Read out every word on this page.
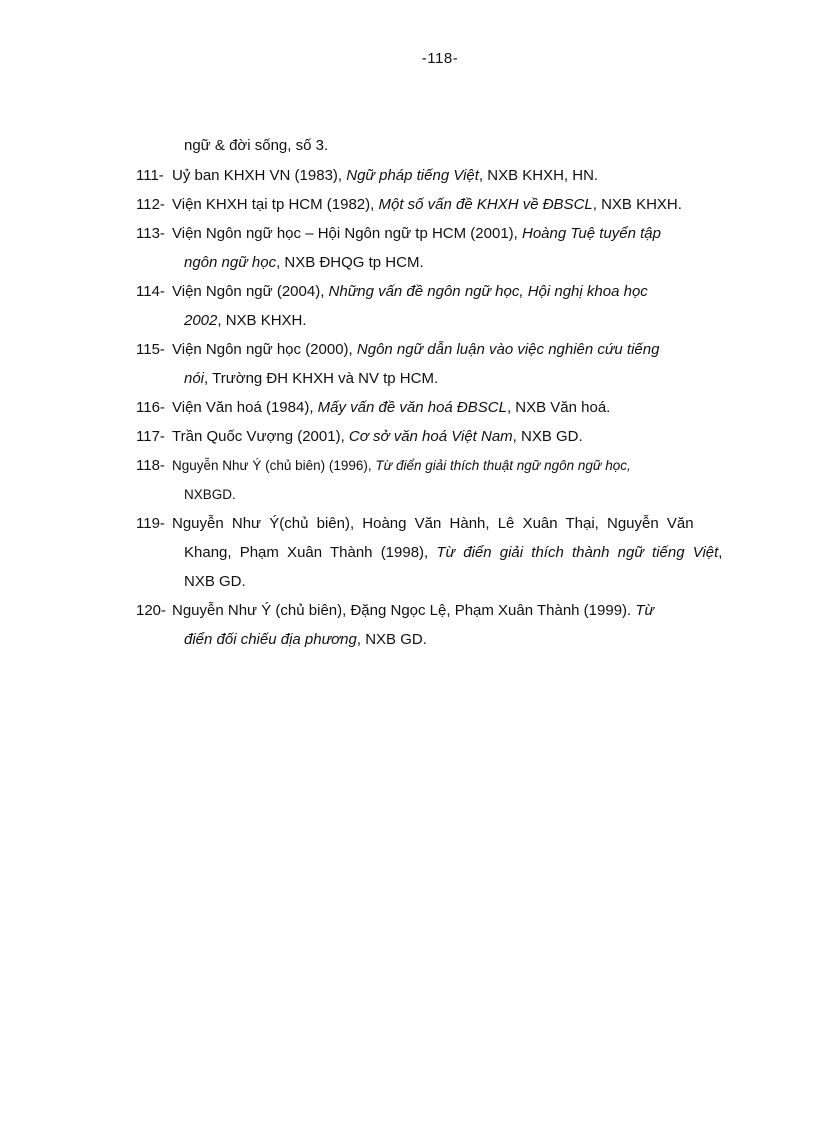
-118-
ngữ & đời sống, số 3.
111- Uỷ ban KHXH VN (1983), Ngữ pháp tiếng Việt, NXB KHXH, HN.
112- Viện KHXH tại tp HCM (1982), Một số vấn đề KHXH về ĐBSCL, NXB KHXH.
113- Viện Ngôn ngữ học – Hội Ngôn ngữ tp HCM (2001), Hoàng Tuệ tuyển tập
ngôn ngữ học, NXB ĐHQG tp HCM.
114- Viện Ngôn ngữ (2004), Những vấn đề ngôn ngữ học, Hội nghị khoa học
2002, NXB KHXH.
115- Viện Ngôn ngữ học (2000), Ngôn ngữ dẫn luận vào việc nghiên cứu tiếng
nói, Trường ĐH KHXH và NV tp HCM.
116- Viện Văn hoá (1984), Mấy vấn đề văn hoá ĐBSCL, NXB Văn hoá.
117- Trần Quốc Vượng (2001), Cơ sở văn hoá Việt Nam, NXB GD.
118- Nguyễn Như Ý (chủ biên) (1996), Từ điển giải thích thuật ngữ ngôn ngữ học,
NXBGD.
119- Nguyễn Như Ý(chủ biên), Hoàng Văn Hành, Lê Xuân Thại, Nguyễn Văn
Khang, Phạm Xuân Thành (1998), Từ điển giải thích thành ngữ tiếng Việt,
NXB GD.
120- Nguyễn Như Ý (chủ biên), Đặng Ngọc Lệ, Phạm Xuân Thành (1999). Từ
điển đối chiếu địa phương, NXB GD.
